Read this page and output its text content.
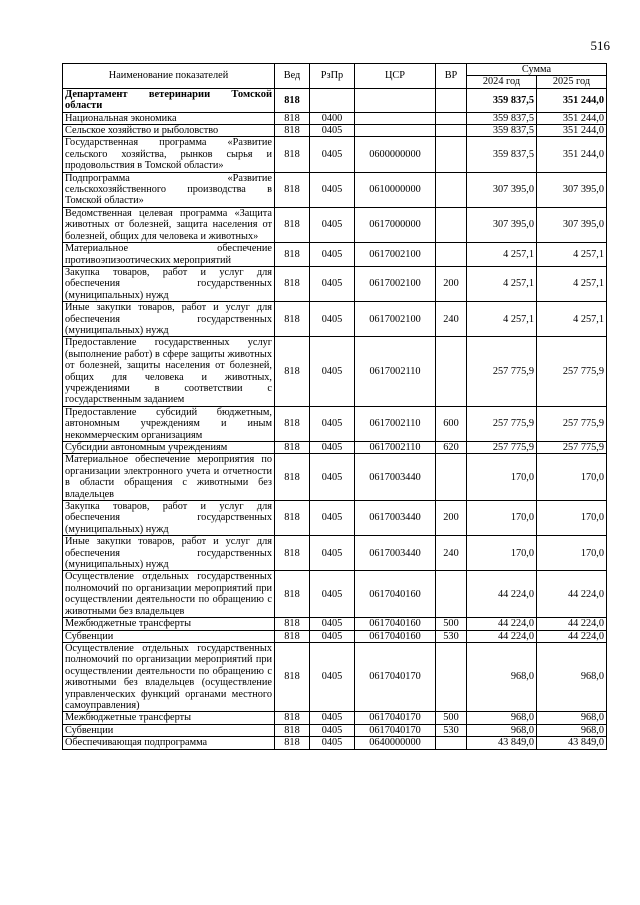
516
Наименование показателей	Вед	РзПр	ЦСР	ВР	Сумма	
					2024 год	2025 год
Департамент ветеринарии Томской области	818				359 837,5	351 244,0
Национальная экономика	818	0400			359 837,5	351 244,0
Сельское хозяйство и рыболовство	818	0405			359 837,5	351 244,0
Государственная программа «Развитие сельского хозяйства, рынков сырья и продовольствия в Томской области»	818	0405	0600000000		359 837,5	351 244,0
Подпрограмма «Развитие сельскохозяйственного производства в Томской области»	818	0405	0610000000		307 395,0	307 395,0
Ведомственная целевая программа «Защита животных от болезней, защита населения от болезней, общих для человека и животных»	818	0405	0617000000		307 395,0	307 395,0
Материальное обеспечение противоэпизоотических мероприятий	818	0405	0617002100		4 257,1	4 257,1
Закупка товаров, работ и услуг для обеспечения государственных (муниципальных) нужд	818	0405	0617002100	200	4 257,1	4 257,1
Иные закупки товаров, работ и услуг для обеспечения государственных (муниципальных) нужд	818	0405	0617002100	240	4 257,1	4 257,1
Предоставление государственных услуг (выполнение работ) в сфере защиты животных от болезней, защиты населения от болезней, общих для человека и животных, учреждениями в соответствии с государственным заданием	818	0405	0617002110		257 775,9	257 775,9
Предоставление субсидий бюджетным, автономным учреждениям и иным некоммерческим организациям	818	0405	0617002110	600	257 775,9	257 775,9
Субсидии автономным учреждениям	818	0405	0617002110	620	257 775,9	257 775,9
Материальное обеспечение мероприятия по организации электронного учета и отчетности в области обращения с животными без владельцев	818	0405	0617003440		170,0	170,0
Закупка товаров, работ и услуг для обеспечения государственных (муниципальных) нужд	818	0405	0617003440	200	170,0	170,0
Иные закупки товаров, работ и услуг для обеспечения государственных (муниципальных) нужд	818	0405	0617003440	240	170,0	170,0
Осуществление отдельных государственных полномочий по организации мероприятий при осуществлении деятельности по обращению с животными без владельцев	818	0405	0617040160		44 224,0	44 224,0
Межбюджетные трансферты	818	0405	0617040160	500	44 224,0	44 224,0
Субвенции	818	0405	0617040160	530	44 224,0	44 224,0
Осуществление отдельных государственных полномочий по организации мероприятий при осуществлении деятельности по обращению с животными без владельцев (осуществление управленческих функций органами местного самоуправления)	818	0405	0617040170		968,0	968,0
Межбюджетные трансферты	818	0405	0617040170	500	968,0	968,0
Субвенции	818	0405	0617040170	530	968,0	968,0
Обеспечивающая подпрограмма	818	0405	0640000000		43 849,0	43 849,0
